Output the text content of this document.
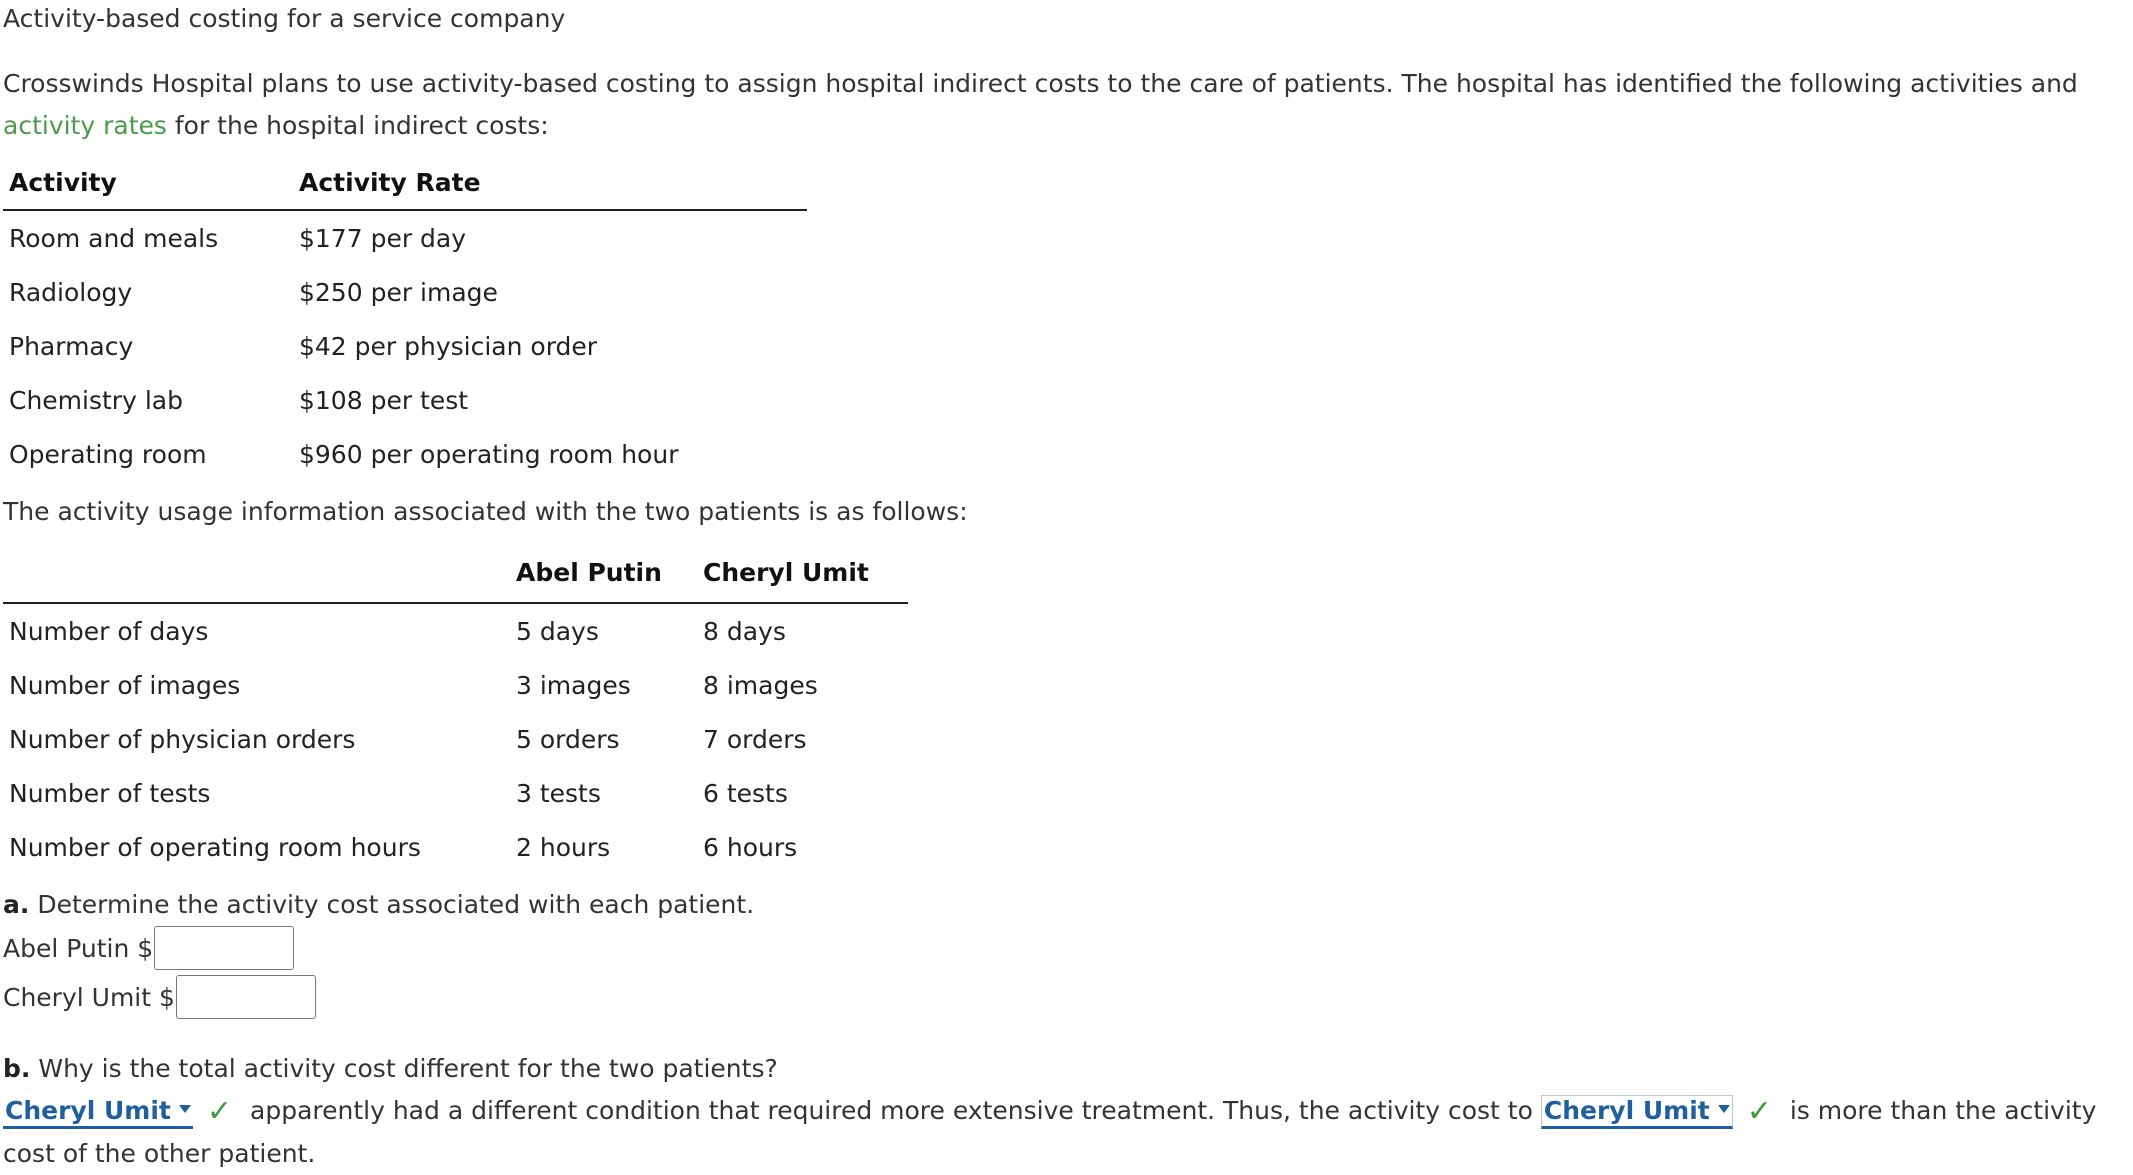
Activity-based costing for a service company
Crosswinds Hospital plans to use activity-based costing to assign hospital indirect costs to the care of patients. The hospital has identified the following activities and activity rates for the hospital indirect costs:
Activity	Activity Rate
Room and meals	$177 per day
Radiology	$250 per image
Pharmacy	$42 per physician order
Chemistry lab	$108 per test
Operating room	$960 per operating room hour
The activity usage information associated with the two patients is as follows:
	Abel Putin	Cheryl Umit
Number of days	5 days	8 days
Number of images	3 images	8 images
Number of physician orders	5 orders	7 orders
Number of tests	3 tests	6 tests
Number of operating room hours	2 hours	6 hours
a. Determine the activity cost associated with each patient.
Abel Putin $
Cheryl Umit $
b. Why is the total activity cost different for the two patients?
Cheryl Umit ✓ apparently had a different condition that required more extensive treatment. Thus, the activity cost to Cheryl Umit ✓ is more than the activity cost of the other patient.
